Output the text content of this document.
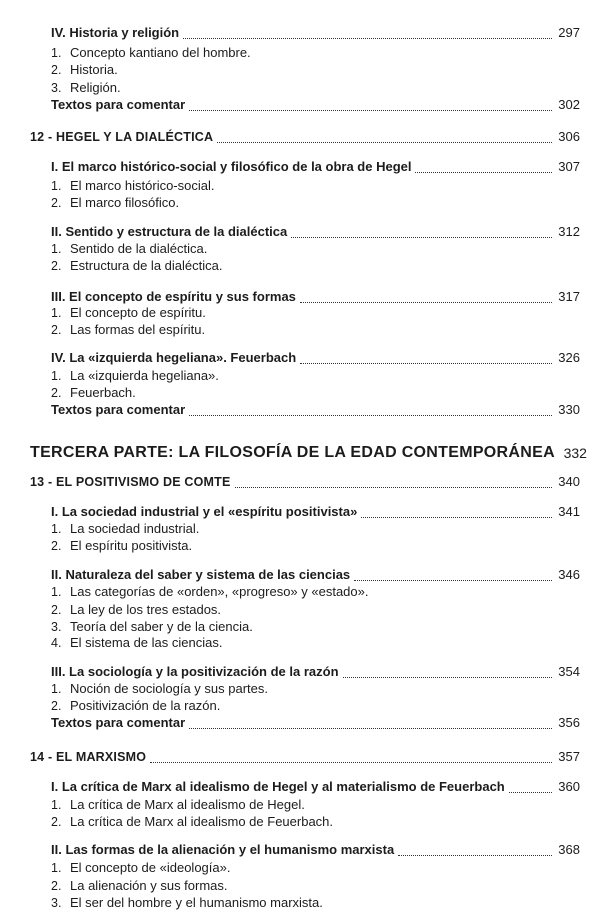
IV. Historia y religión	297
1. Concepto kantiano del hombre.
2. Historia.
3. Religión.
Textos para comentar	302
12 - HEGEL Y LA DIALÉCTICA	306
I. El marco histórico-social y filosófico de la obra de Hegel	307
1. El marco histórico-social.
2. El marco filosófico.
II. Sentido y estructura de la dialéctica	312
1. Sentido de la dialéctica.
2. Estructura de la dialéctica.
III. El concepto de espíritu y sus formas	317
1. El concepto de espíritu.
2. Las formas del espíritu.
IV. La «izquierda hegeliana». Feuerbach	326
1. La «izquierda hegeliana».
2. Feuerbach.
Textos para comentar	330
TERCERA PARTE: LA FILOSOFÍA DE LA EDAD CONTEMPORÁNEA 332
13 - EL POSITIVISMO DE COMTE	340
I. La sociedad industrial y el «espíritu positivista»	341
1. La sociedad industrial.
2. El espíritu positivista.
II. Naturaleza del saber y sistema de las ciencias	346
1. Las categorías de «orden», «progreso» y «estado».
2. La ley de los tres estados.
3. Teoría del saber y de la ciencia.
4. El sistema de las ciencias.
III. La sociología y la positivización de la razón	354
1. Noción de sociología y sus partes.
2. Positivización de la razón.
Textos para comentar	356
14 - EL MARXISMO	357
I. La crítica de Marx al idealismo de Hegel y al materialismo de Feuerbach	360
1. La crítica de Marx al idealismo de Hegel.
2. La crítica de Marx al idealismo de Feuerbach.
II. Las formas de la alienación y el humanismo marxista	368
1. El concepto de «ideología».
2. La alienación y sus formas.
3. El ser del hombre y el humanismo marxista.
